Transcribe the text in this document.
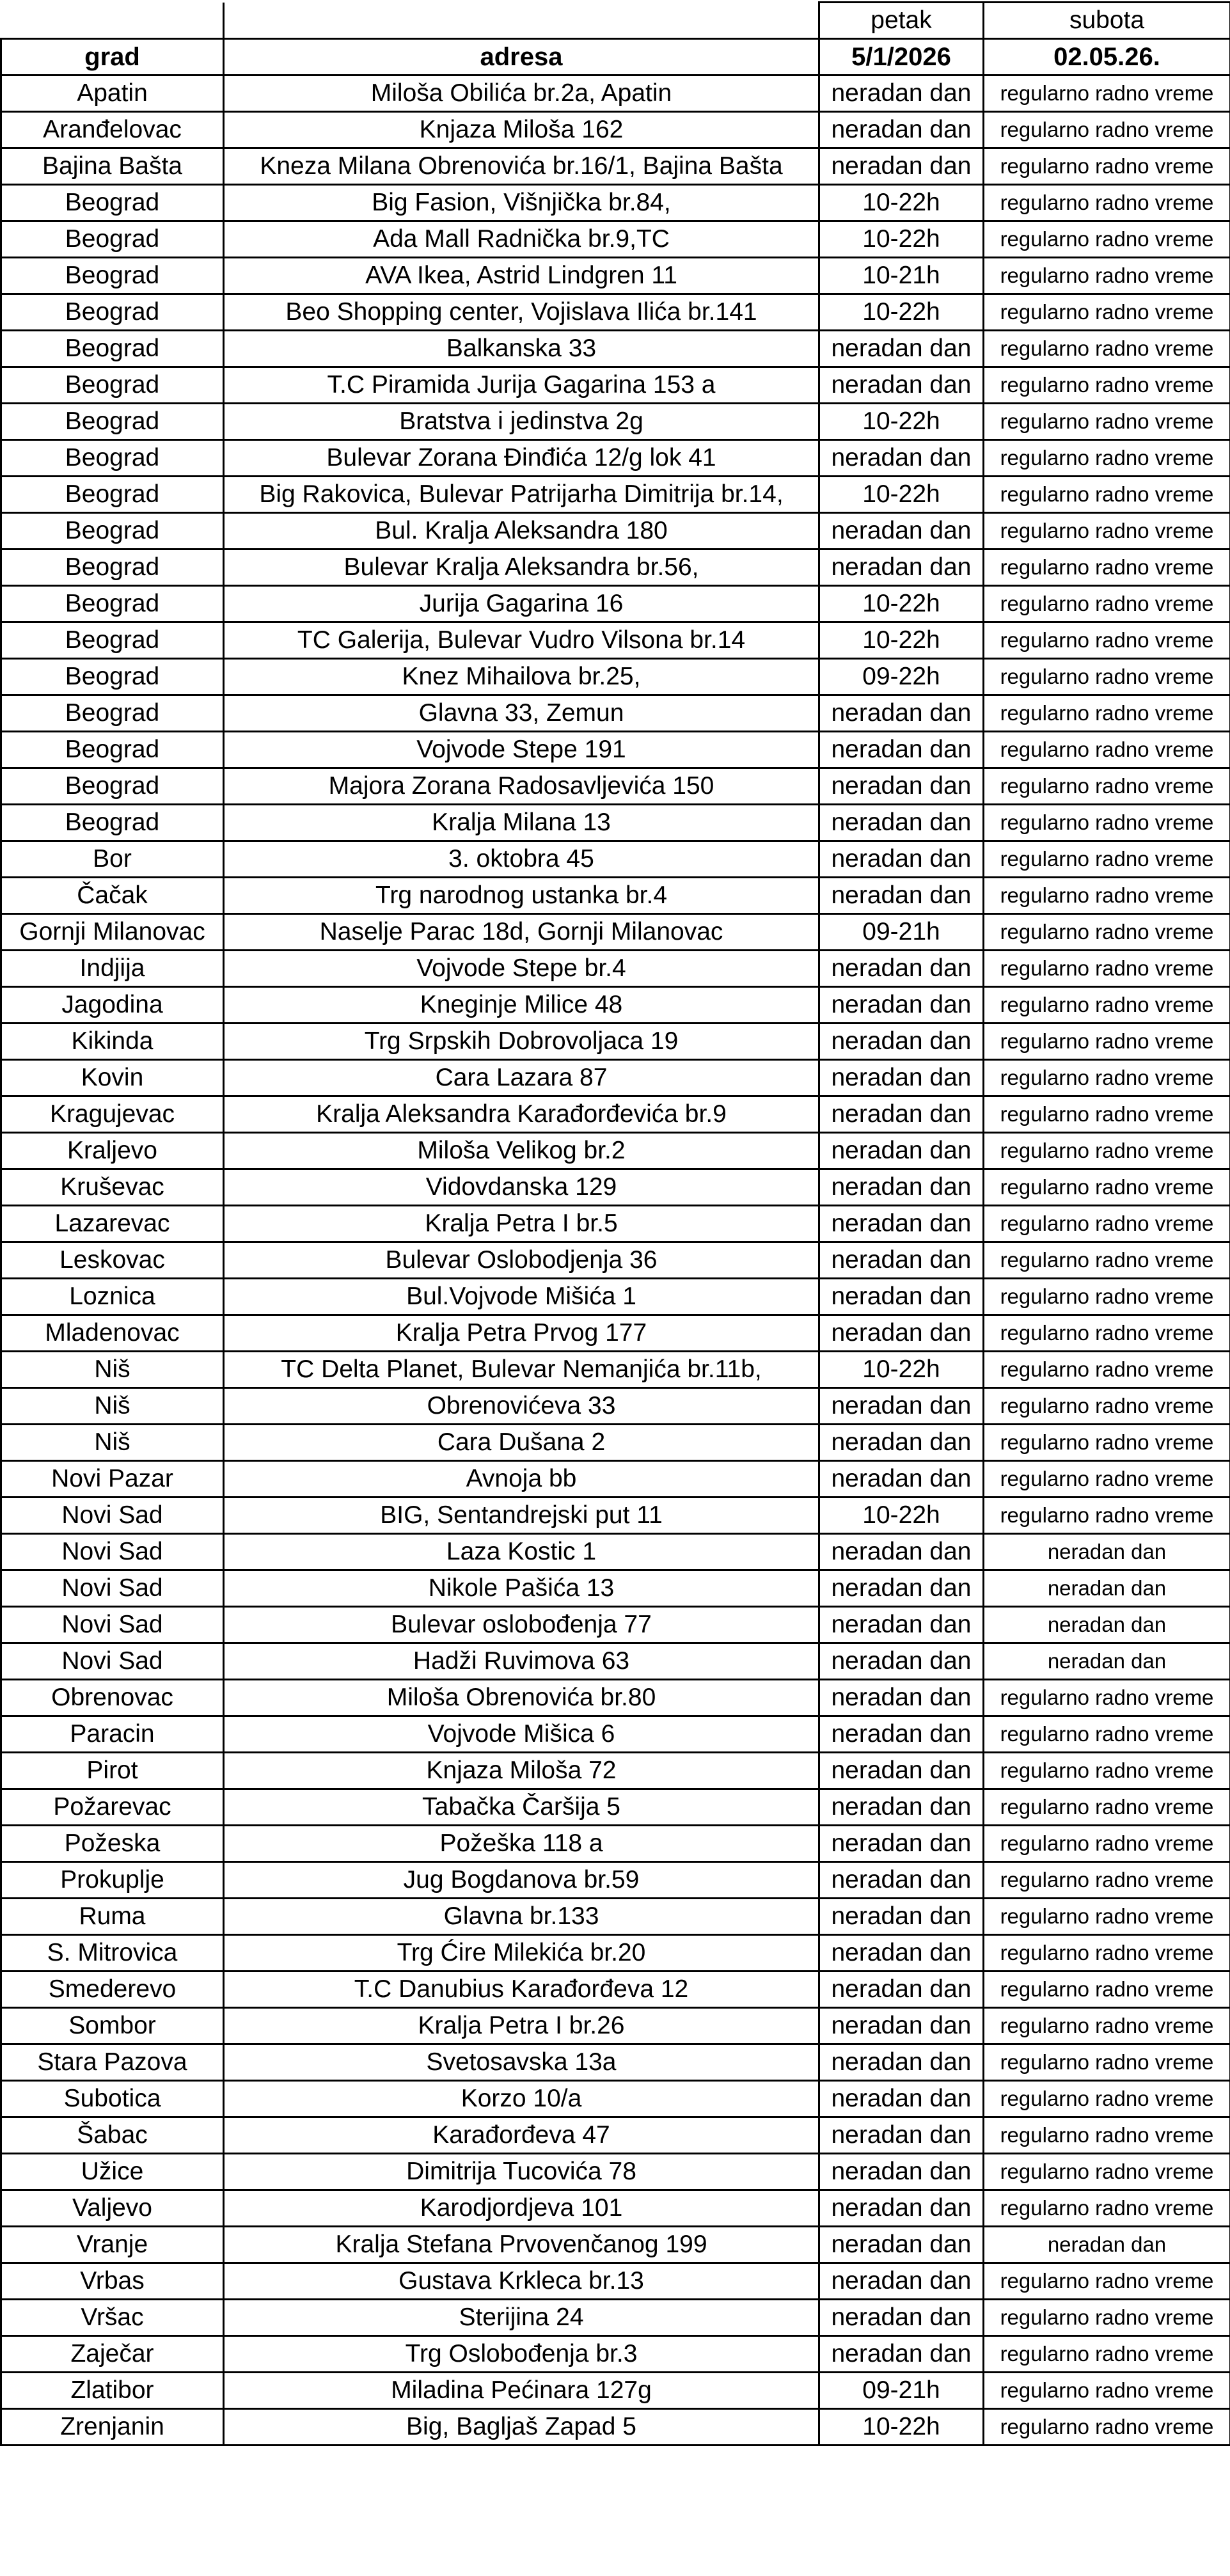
		petak	subota
grad	adresa	5/1/2026	02.05.26.
Apatin	Miloša Obilića br.2a, Apatin	neradan dan	regularno radno vreme
Aranđelovac	Knjaza Miloša 162	neradan dan	regularno radno vreme
Bajina Bašta	Kneza Milana Obrenovića br.16/1, Bajina Bašta	neradan dan	regularno radno vreme
Beograd	Big Fasion, Višnjička br.84,	10-22h	regularno radno vreme
Beograd	Ada Mall Radnička br.9,TC	10-22h	regularno radno vreme
Beograd	AVA Ikea, Astrid Lindgren 11	10-21h	regularno radno vreme
Beograd	Beo Shopping center, Vojislava Ilića br.141	10-22h	regularno radno vreme
Beograd	Balkanska 33	neradan dan	regularno radno vreme
Beograd	T.C Piramida Jurija Gagarina 153 a	neradan dan	regularno radno vreme
Beograd	Bratstva i jedinstva 2g	10-22h	regularno radno vreme
Beograd	Bulevar Zorana Đinđića 12/g lok 41	neradan dan	regularno radno vreme
Beograd	Big Rakovica, Bulevar Patrijarha Dimitrija br.14,	10-22h	regularno radno vreme
Beograd	Bul. Kralja Aleksandra 180	neradan dan	regularno radno vreme
Beograd	Bulevar Kralja Aleksandra br.56,	neradan dan	regularno radno vreme
Beograd	Jurija Gagarina 16	10-22h	regularno radno vreme
Beograd	TC Galerija, Bulevar Vudro Vilsona br.14	10-22h	regularno radno vreme
Beograd	Knez Mihailova br.25,	09-22h	regularno radno vreme
Beograd	Glavna 33, Zemun	neradan dan	regularno radno vreme
Beograd	Vojvode Stepe 191	neradan dan	regularno radno vreme
Beograd	Majora Zorana Radosavljevića 150	neradan dan	regularno radno vreme
Beograd	Kralja Milana 13	neradan dan	regularno radno vreme
Bor	3. oktobra 45	neradan dan	regularno radno vreme
Čačak	Trg narodnog ustanka br.4	neradan dan	regularno radno vreme
Gornji Milanovac	Naselje Parac 18d, Gornji Milanovac	09-21h	regularno radno vreme
Indjija	Vojvode Stepe br.4	neradan dan	regularno radno vreme
Jagodina	Kneginje Milice 48	neradan dan	regularno radno vreme
Kikinda	Trg Srpskih Dobrovoljaca 19	neradan dan	regularno radno vreme
Kovin	Cara Lazara 87	neradan dan	regularno radno vreme
Kragujevac	Kralja Aleksandra Karađorđevića br.9	neradan dan	regularno radno vreme
Kraljevo	Miloša Velikog br.2	neradan dan	regularno radno vreme
Kruševac	Vidovdanska 129	neradan dan	regularno radno vreme
Lazarevac	Kralja Petra I br.5	neradan dan	regularno radno vreme
Leskovac	Bulevar Oslobodjenja 36	neradan dan	regularno radno vreme
Loznica	Bul.Vojvode Mišića 1	neradan dan	regularno radno vreme
Mladenovac	Kralja Petra Prvog 177	neradan dan	regularno radno vreme
Niš	TC Delta Planet, Bulevar Nemanjića br.11b,	10-22h	regularno radno vreme
Niš	Obrenovićeva 33	neradan dan	regularno radno vreme
Niš	Cara Dušana 2	neradan dan	regularno radno vreme
Novi Pazar	Avnoja bb	neradan dan	regularno radno vreme
Novi Sad	BIG, Sentandrejski put 11	10-22h	regularno radno vreme
Novi Sad	Laza Kostic 1	neradan dan	neradan dan
Novi Sad	Nikole Pašića 13	neradan dan	neradan dan
Novi Sad	Bulevar oslobođenja 77	neradan dan	neradan dan
Novi Sad	Hadži Ruvimova 63	neradan dan	neradan dan
Obrenovac	Miloša Obrenovića br.80	neradan dan	regularno radno vreme
Paracin	Vojvode Mišica 6	neradan dan	regularno radno vreme
Pirot	Knjaza Miloša 72	neradan dan	regularno radno vreme
Požarevac	Tabačka Čaršija 5	neradan dan	regularno radno vreme
Požeska	Požeška 118 a	neradan dan	regularno radno vreme
Prokuplje	Jug Bogdanova br.59	neradan dan	regularno radno vreme
Ruma	Glavna br.133	neradan dan	regularno radno vreme
S. Mitrovica	Trg Ćire Milekića br.20	neradan dan	regularno radno vreme
Smederevo	T.C Danubius Karađorđeva 12	neradan dan	regularno radno vreme
Sombor	Kralja Petra I br.26	neradan dan	regularno radno vreme
Stara Pazova	Svetosavska 13a	neradan dan	regularno radno vreme
Subotica	Korzo 10/a	neradan dan	regularno radno vreme
Šabac	Karađorđeva 47	neradan dan	regularno radno vreme
Užice	Dimitrija Tucovića 78	neradan dan	regularno radno vreme
Valjevo	Karodjordjeva 101	neradan dan	regularno radno vreme
Vranje	Kralja Stefana Prvovenčanog 199	neradan dan	neradan dan
Vrbas	Gustava Krkleca br.13	neradan dan	regularno radno vreme
Vršac	Sterijina 24	neradan dan	regularno radno vreme
Zaječar	Trg Oslobođenja br.3	neradan dan	regularno radno vreme
Zlatibor	Miladina Pećinara 127g	09-21h	regularno radno vreme
Zrenjanin	Big, Bagljaš Zapad 5	10-22h	regularno radno vreme
